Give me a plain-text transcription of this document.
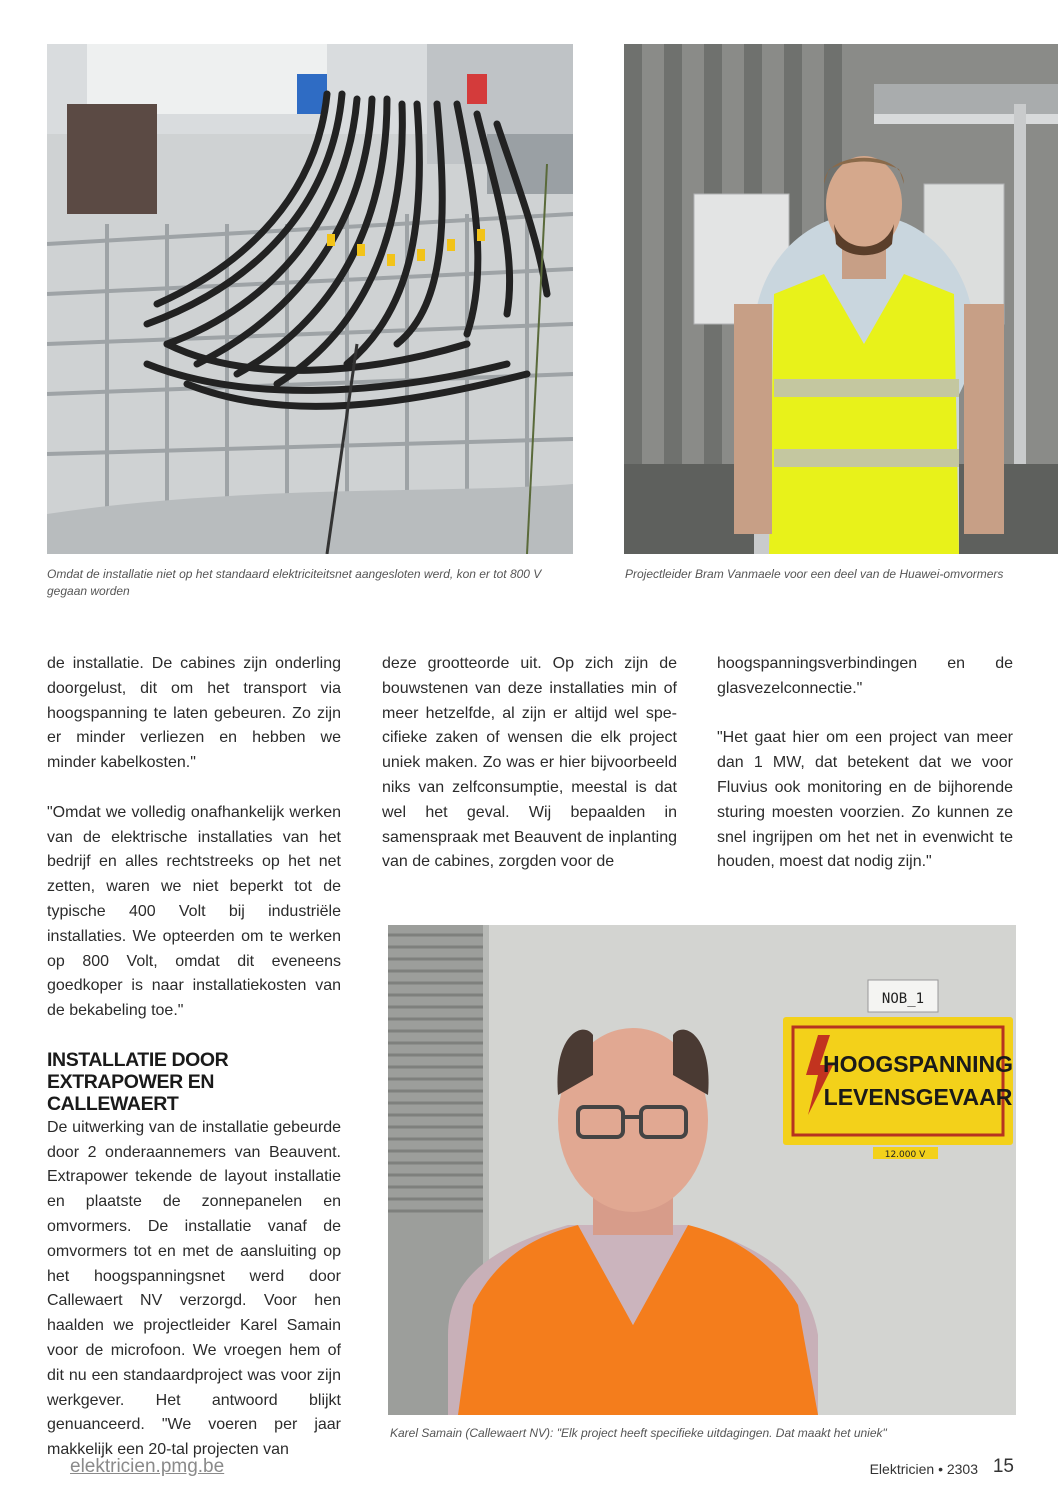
Omdat de installatie niet op het standaard elektriciteitsnet aangesloten werd, kon er tot 800 V gegaan worden

Projectleider Bram Vanmaele voor een deel van de Huawei-omvormers

de installatie. De cabines zijn onderling doorgelust, dit om het transport via hoogspanning te laten gebeuren. Zo zijn er minder verliezen en hebben we minder kabelkosten."

"Omdat we volledig onafhankelijk werken van de elektrische installaties van het bedrijf en alles rechtstreeks op het net zetten, waren we niet beperkt tot de typische 400 Volt bij industriële installaties. We opteerden om te werken op 800 Volt, omdat dit eveneens goedkoper is naar installatiekosten van de bekabeling toe."

INSTALLATIE DOOR EXTRAPOWER EN CALLEWAERT

De uitwerking van de installatie gebeurde door 2 onderaannemers van Beauvent. Extrapower tekende de layout installatie en plaatste de zonnepanelen en omvormers. De installatie vanaf de omvormers tot en met de aansluiting op het hoogspanningsnet werd door Callewaert NV verzorgd. Voor hen haalden we projectleider Karel Samain voor de microfoon. We vroegen hem of dit nu een standaardproject was voor zijn werkgever. Het antwoord blijkt genuanceerd. "We voeren per jaar makkelijk een 20-tal projecten van

deze grootteorde uit. Op zich zijn de bouwstenen van deze installaties min of meer hetzelfde, al zijn er altijd wel specifieke zaken of wensen die elk project uniek maken. Zo was er hier bijvoorbeeld niks van zelfconsumptie, meestal is dat wel het geval. Wij bepaalden in samenspraak met Beauvent de inplanting van de cabines, zorgden voor de

hoogspanningsverbindingen en de glasvezelconnectie."

"Het gaat hier om een project van meer dan 1 MW, dat betekent dat we voor Fluvius ook monitoring en de bijhorende sturing moesten voorzien. Zo kunnen ze snel ingrijpen om het net in evenwicht te houden, moest dat nodig zijn."

NOB_1
HOOGSPANNING
LEVENSGEVAAR
12.000 V

Karel Samain (Callewaert NV): "Elk project heeft specifieke uitdagingen. Dat maakt het uniek"

elektricien.pmg.be	Elektricien • 2303 15
